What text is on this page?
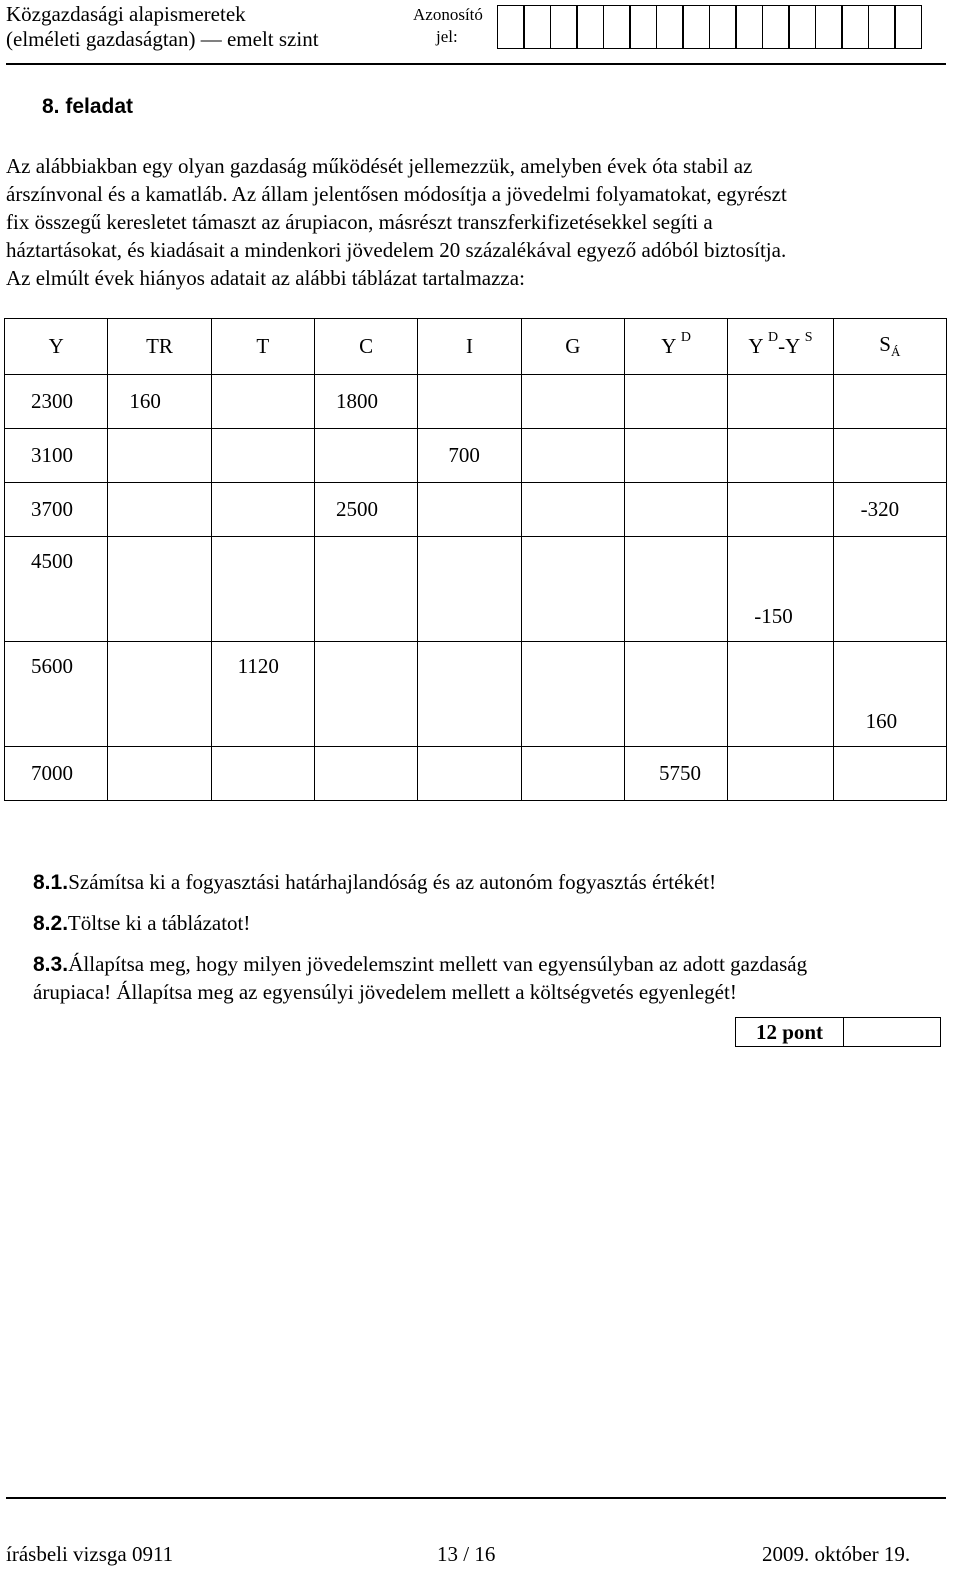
Közgazdasági alapismeretek
(elméleti gazdaságtan) — emelt szint
Azonosító
jel:
8. feladat
Az alábbiakban egy olyan gazdaság működését jellemezzük, amelyben évek óta stabil az
árszínvonal és a kamatláb. Az állam jelentősen módosítja a jövedelmi folyamatokat, egyrészt
fix összegű keresletet támaszt az árupiacon, másrészt transzferkifizetésekkel segíti a
háztartásokat, és kiadásait a mindenkori jövedelem 20 százalékával egyező adóból biztosítja.
Az elmúlt évek hiányos adatait az alábbi táblázat tartalmazza:
Y	TR	T	C	I	G	Y $^D$	Y $^D$-Y $^S$	$S_Á$
2300	160		1800					
3100				700				
3700			2500					-320
4500							-150	
5600		1120						160
7000						5750		
8.1. Számítsa ki a fogyasztási határhajlandóság és az autonóm fogyasztás értékét!
8.2. Töltse ki a táblázatot!
8.3. Állapítsa meg, hogy milyen jövedelemszint mellett van egyensúlyban az adott gazdaság
árupiaca! Állapítsa meg az egyensúlyi jövedelem mellett a költségvetés egyenlegét!
12 pont
írásbeli vizsga 0911	13 / 16	2009. október 19.
